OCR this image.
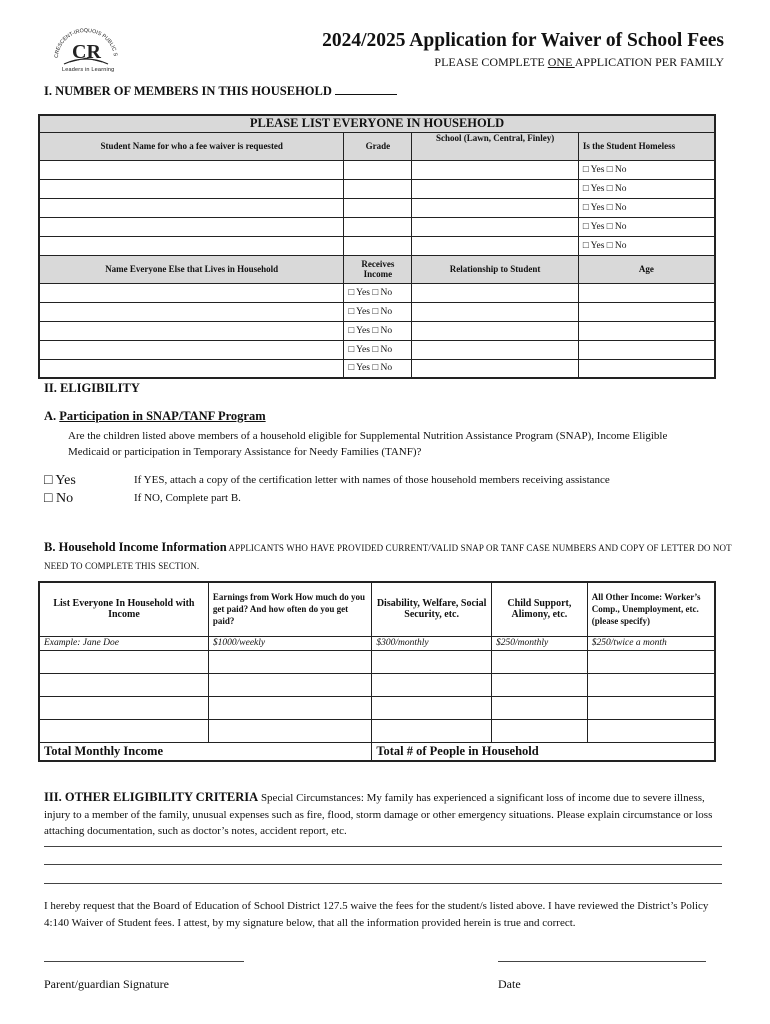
CRESCENT-IROQUOIS PUBLIC S
CR
Leaders in Learning
2024/2025 Application for Waiver of School Fees
PLEASE COMPLETE ONE APPLICATION PER FAMILY
I. NUMBER OF MEMBERS IN THIS HOUSEHOLD
PLEASE LIST EVERYONE IN HOUSEHOLD			
Student Name for who a fee waiver is requested	Grade	School (Lawn, Central, Finley)	Is the Student Homeless
			□ Yes □ No
			□ Yes □ No
			□ Yes □ No
			□ Yes □ No
			□ Yes □ No
Name Everyone Else that Lives in Household	Receives Income	Relationship to Student	Age
	□ Yes □ No		
	□ Yes □ No		
	□ Yes □ No		
	□ Yes □ No		
	□ Yes □ No		
II. ELIGIBILITY
A. Participation in SNAP/TANF Program
Are the children listed above members of a household eligible for Supplemental Nutrition Assistance Program (SNAP), Income Eligible Medicaid or participation in Temporary Assistance for Needy Families (TANF)?
□ Yes
□ No
If YES, attach a copy of the certification letter with names of those household members receiving assistance
If NO, Complete part B.
B. Household Income Information APPLICANTS WHO HAVE PROVIDED CURRENT/VALID SNAP OR TANF CASE NUMBERS AND COPY OF LETTER DO NOT NEED TO COMPLETE THIS SECTION.
List Everyone In Household with Income	Earnings from Work How much do you get paid? And how often do you get paid?	Disability, Welfare, Social Security, etc.	Child Support, Alimony, etc.	All Other Income: Worker’s Comp., Unemployment, etc. (please specify)
Example: Jane Doe	$1000/weekly	$300/monthly	$250/monthly	$250/twice a month

Total Monthly Income		Total # of People in Household		
III. OTHER ELIGIBILITY CRITERIA Special Circumstances: My family has experienced a significant loss of income due to severe illness, injury to a member of the family, unusual expenses such as fire, flood, storm damage or other emergency situations. Please explain circumstance or loss attaching documentation, such as doctor’s notes, accident report, etc.
I hereby request that the Board of Education of School District 127.5 waive the fees for the student/s listed above. I have reviewed the District’s Policy 4:140 Waiver of Student fees. I attest, by my signature below, that all the information provided herein is true and correct.
Parent/guardian Signature	Date
